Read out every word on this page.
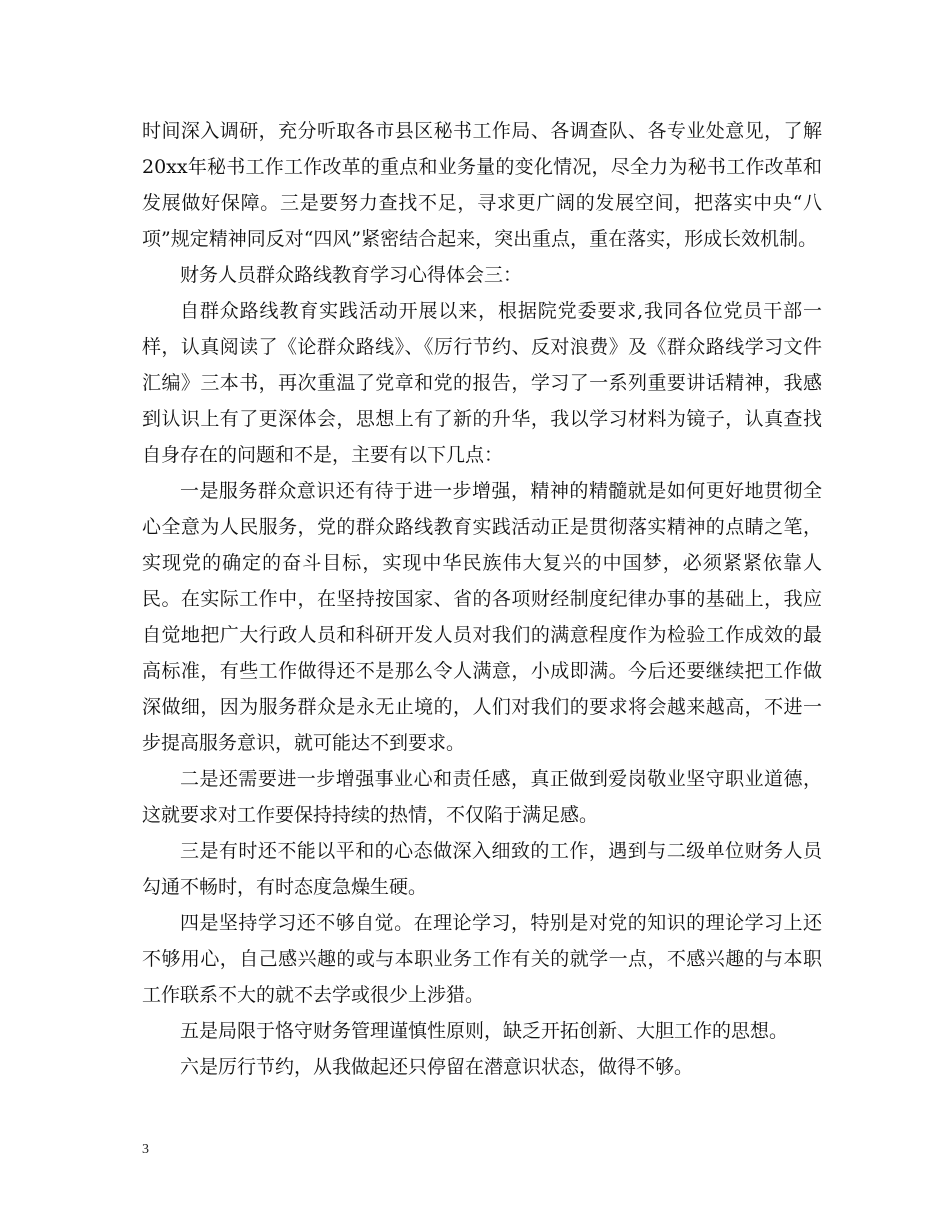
时间深入调研，充分听取各市县区秘书工作局、各调查队、各专业处意见，了解20xx年秘书工作工作改革的重点和业务量的变化情况，尽全力为秘书工作改革和发展做好保障。三是要努力查找不足，寻求更广阔的发展空间，把落实中央“八项”规定精神同反对“四风”紧密结合起来，突出重点，重在落实，形成长效机制。

财务人员群众路线教育学习心得体会三：

自群众路线教育实践活动开展以来，根据院党委要求,我同各位党员干部一样，认真阅读了《论群众路线》、《厉行节约、反对浪费》及《群众路线学习文件汇编》三本书，再次重温了党章和党的报告，学习了一系列重要讲话精神，我感到认识上有了更深体会，思想上有了新的升华，我以学习材料为镜子，认真查找自身存在的问题和不是，主要有以下几点：

一是服务群众意识还有待于进一步增强，精神的精髓就是如何更好地贯彻全心全意为人民服务，党的群众路线教育实践活动正是贯彻落实精神的点睛之笔，实现党的确定的奋斗目标，实现中华民族伟大复兴的中国梦，必须紧紧依靠人民。在实际工作中，在坚持按国家、省的各项财经制度纪律办事的基础上，我应自觉地把广大行政人员和科研开发人员对我们的满意程度作为检验工作成效的最高标准，有些工作做得还不是那么令人满意，小成即满。今后还要继续把工作做深做细，因为服务群众是永无止境的，人们对我们的要求将会越来越高，不进一步提高服务意识，就可能达不到要求。

二是还需要进一步增强事业心和责任感，真正做到爱岗敬业坚守职业道德，这就要求对工作要保持持续的热情，不仅陷于满足感。

三是有时还不能以平和的心态做深入细致的工作，遇到与二级单位财务人员勾通不畅时，有时态度急燥生硬。

四是坚持学习还不够自觉。在理论学习，特别是对党的知识的理论学习上还不够用心，自己感兴趣的或与本职业务工作有关的就学一点，不感兴趣的与本职工作联系不大的就不去学或很少上涉猎。

五是局限于恪守财务管理谨慎性原则，缺乏开拓创新、大胆工作的思想。

六是厉行节约，从我做起还只停留在潜意识状态，做得不够。

3
